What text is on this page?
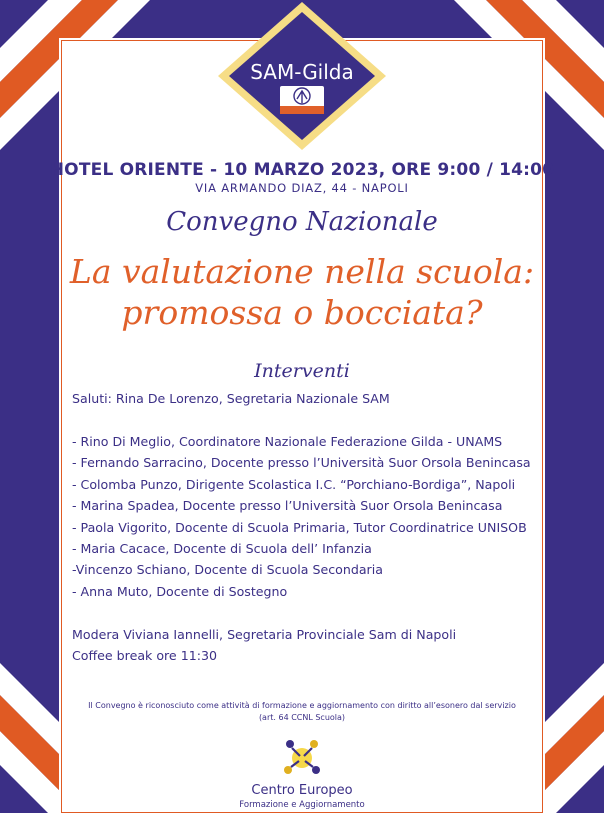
SAM-Gilda
HOTEL ORIENTE - 10 MARZO 2023, ORE 9:00 / 14:00
VIA ARMANDO DIAZ, 44 - NAPOLI
Convegno Nazionale
La valutazione nella scuola:
promossa o bocciata?
Interventi
Saluti: Rina De Lorenzo, Segretaria Nazionale SAM
- Rino Di Meglio, Coordinatore Nazionale Federazione Gilda - UNAMS
- Fernando Sarracino, Docente presso l’Università Suor Orsola Benincasa
- Colomba Punzo, Dirigente Scolastica I.C. “Porchiano-Bordiga”, Napoli
- Marina Spadea, Docente presso l’Università Suor Orsola Benincasa
- Paola Vigorito, Docente di Scuola Primaria, Tutor Coordinatrice UNISOB
- Maria Cacace, Docente di Scuola dell’ Infanzia
-Vincenzo Schiano, Docente di Scuola Secondaria
- Anna Muto, Docente di Sostegno
Modera Viviana Iannelli, Segretaria Provinciale Sam di Napoli
Coffee break ore 11:30
Il Convegno è riconosciuto come attività di formazione e aggiornamento con diritto all’esonero dal servizio
(art. 64 CCNL Scuola)
Centro Europeo
Formazione e Aggiornamento
